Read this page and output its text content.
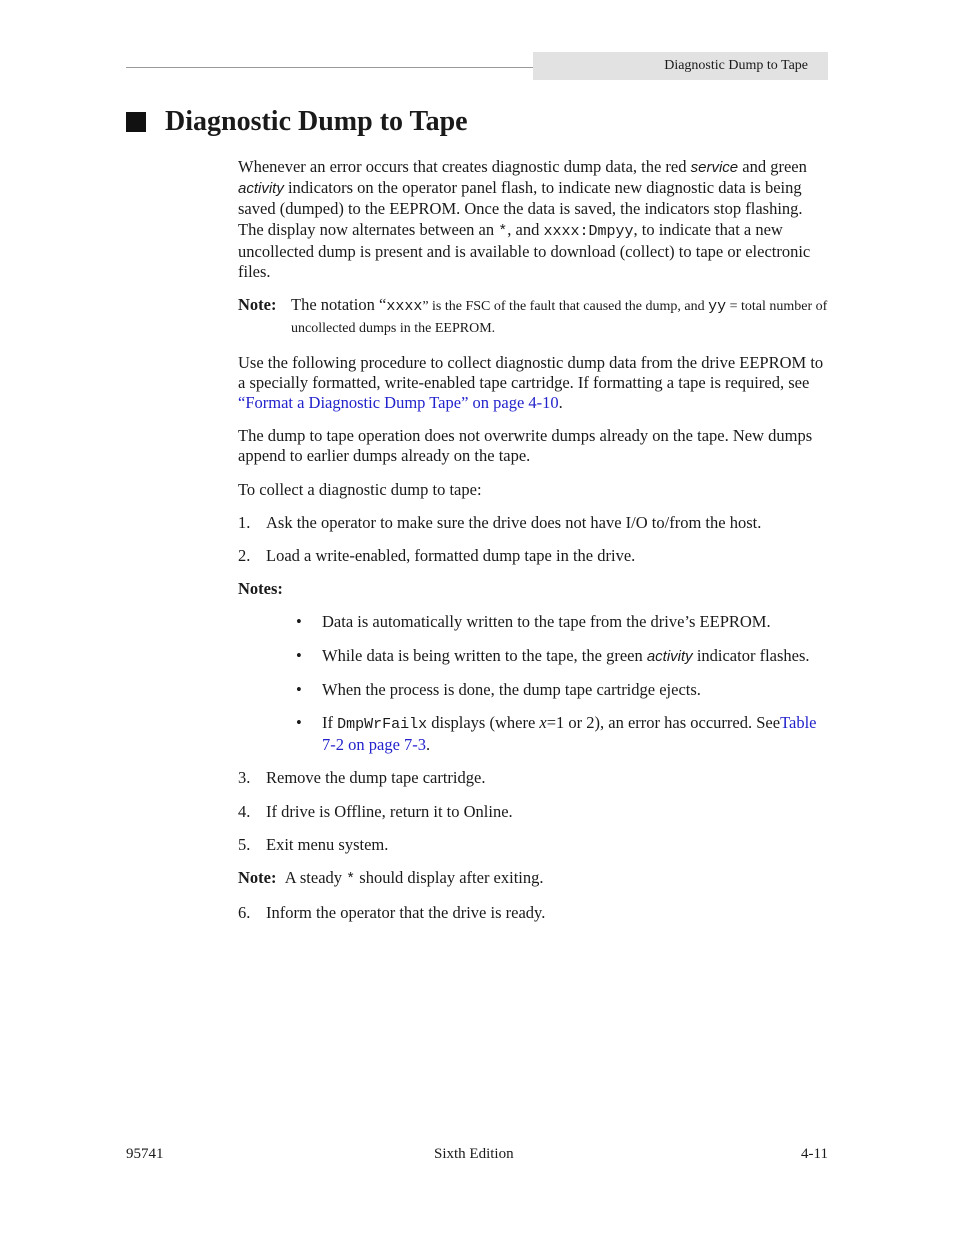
Diagnostic Dump to Tape
Diagnostic Dump to Tape

Whenever an error occurs that creates diagnostic dump data, the red service and green activity indicators on the operator panel flash, to indicate new diagnostic data is being saved (dumped) to the EEPROM. Once the data is saved, the indicators stop flashing. The display now alternates between an *, and xxxx:Dmpyy, to indicate that a new uncollected dump is present and is available to download (collect) to tape or electronic files.

Note: The notation “xxxx” is the FSC of the fault that caused the dump, and yy = total number of uncollected dumps in the EEPROM.

Use the following procedure to collect diagnostic dump data from the drive EEPROM to a specially formatted, write-enabled tape cartridge. If formatting a tape is required, see “Format a Diagnostic Dump Tape” on page 4-10.

The dump to tape operation does not overwrite dumps already on the tape. New dumps append to earlier dumps already on the tape.

To collect a diagnostic dump to tape:

1. Ask the operator to make sure the drive does not have I/O to/from the host.
2. Load a write-enabled, formatted dump tape in the drive.

Notes:

• Data is automatically written to the tape from the drive’s EEPROM.
• While data is being written to the tape, the green activity indicator flashes.
• When the process is done, the dump tape cartridge ejects.
• If DmpWrFailx displays (where x=1 or 2), an error has occurred. SeeTable 7-2 on page 7-3.
3. Remove the dump tape cartridge.
4. If drive is Offline, return it to Online.
5. Exit menu system.

Note: A steady * should display after exiting.

6. Inform the operator that the drive is ready.
95741	Sixth Edition	4-11
